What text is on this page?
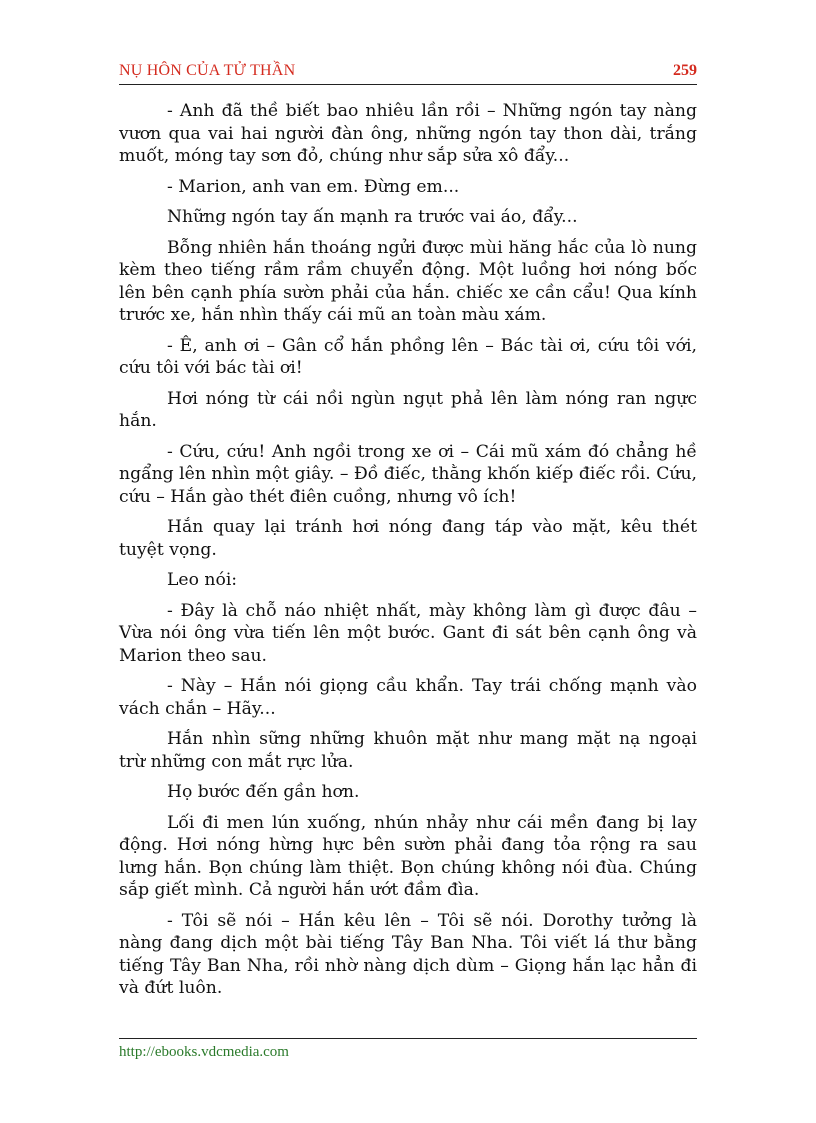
NỤ HÔN CỦA TỬ THẦN	259

- Anh đã thề biết bao nhiêu lần rồi – Những ngón tay nàng vươn qua vai hai người đàn ông, những ngón tay thon dài, trắng muốt, móng tay sơn đỏ, chúng như sắp sửa xô đẩy...

- Marion, anh van em. Đừng em...

Những ngón tay ấn mạnh ra trước vai áo, đẩy...

Bỗng nhiên hắn thoáng ngửi được mùi hăng hắc của lò nung kèm theo tiếng rầm rầm chuyển động. Một luồng hơi nóng bốc lên bên cạnh phía sườn phải của hắn. chiếc xe cần cẩu! Qua kính trước xe, hắn nhìn thấy cái mũ an toàn màu xám.

- Ê, anh ơi – Gân cổ hắn phồng lên – Bác tài ơi, cứu tôi với, cứu tôi với bác tài ơi!

Hơi nóng từ cái nồi ngùn ngụt phả lên làm nóng ran ngực hắn.

- Cứu, cứu! Anh ngồi trong xe ơi – Cái mũ xám đó chẳng hề ngẩng lên nhìn một giây. – Đồ điếc, thằng khốn kiếp điếc rồi. Cứu, cứu – Hắn gào thét điên cuồng, nhưng vô ích!

Hắn quay lại tránh hơi nóng đang táp vào mặt, kêu thét tuyệt vọng.

Leo nói:

- Đây là chỗ náo nhiệt nhất, mày không làm gì được đâu – Vừa nói ông vừa tiến lên một bước. Gant đi sát bên cạnh ông và Marion theo sau.

- Này – Hắn nói giọng cầu khẩn. Tay trái chống mạnh vào vách chắn – Hãy...

Hắn nhìn sững những khuôn mặt như mang mặt nạ ngoại trừ những con mắt rực lửa.

Họ bước đến gần hơn.

Lối đi men lún xuống, nhún nhảy như cái mền đang bị lay động. Hơi nóng hừng hực bên sườn phải đang tỏa rộng ra sau lưng hắn. Bọn chúng làm thiệt. Bọn chúng không nói đùa. Chúng sắp giết mình. Cả người hắn ướt đầm đìa.

- Tôi sẽ nói – Hắn kêu lên – Tôi sẽ nói. Dorothy tưởng là nàng đang dịch một bài tiếng Tây Ban Nha. Tôi viết lá thư bằng tiếng Tây Ban Nha, rồi nhờ nàng dịch dùm – Giọng hắn lạc hẳn đi và đứt luôn.

http://ebooks.vdcmedia.com
